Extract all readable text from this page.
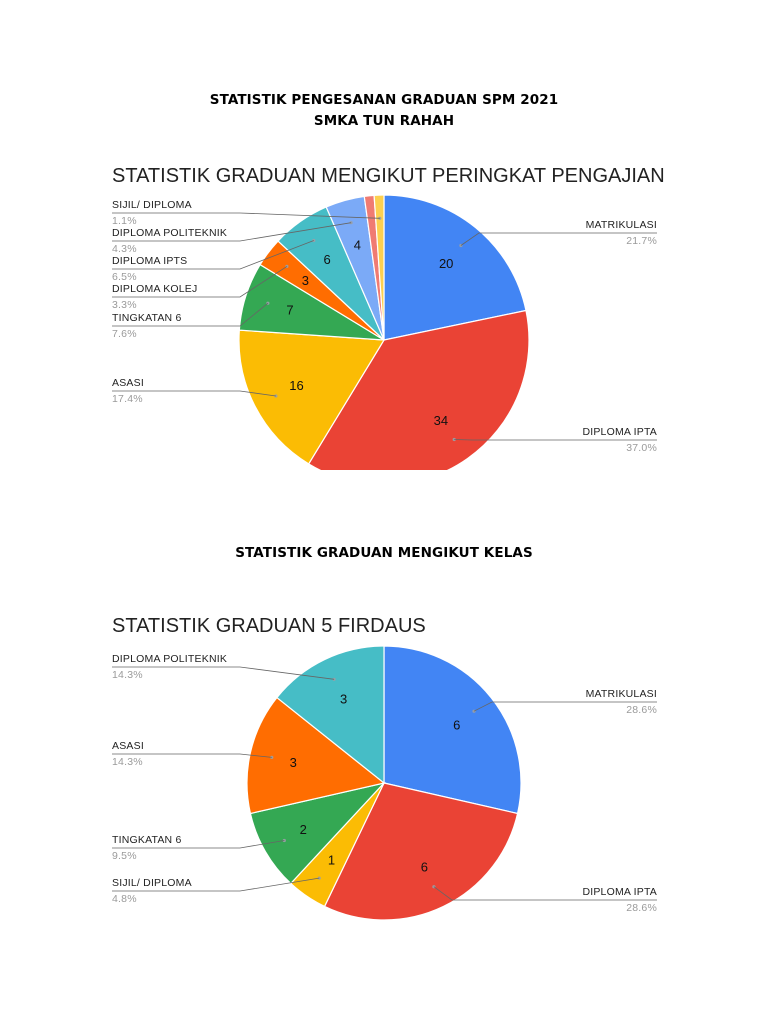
STATISTIK PENGESANAN GRADUAN SPM 2021
SMKA TUN RAHAH
STATISTIK GRADUAN MENGIKUT PERINGKAT PENGAJIAN
20
MATRIKULASI
21.7%
34
DIPLOMA IPTA
37.0%
16
ASASI
17.4%
7
TINGKATAN 6
7.6%
3
DIPLOMA KOLEJ
3.3%
6
DIPLOMA IPTS
6.5%
4
DIPLOMA POLITEKNIK
4.3%
SIJIL/ DIPLOMA
1.1%
STATISTIK GRADUAN MENGIKUT KELAS
STATISTIK GRADUAN 5 FIRDAUS
6
MATRIKULASI
28.6%
6
DIPLOMA IPTA
28.6%
1
SIJIL/ DIPLOMA
4.8%
2
TINGKATAN 6
9.5%
3
ASASI
14.3%
3
DIPLOMA POLITEKNIK
14.3%
